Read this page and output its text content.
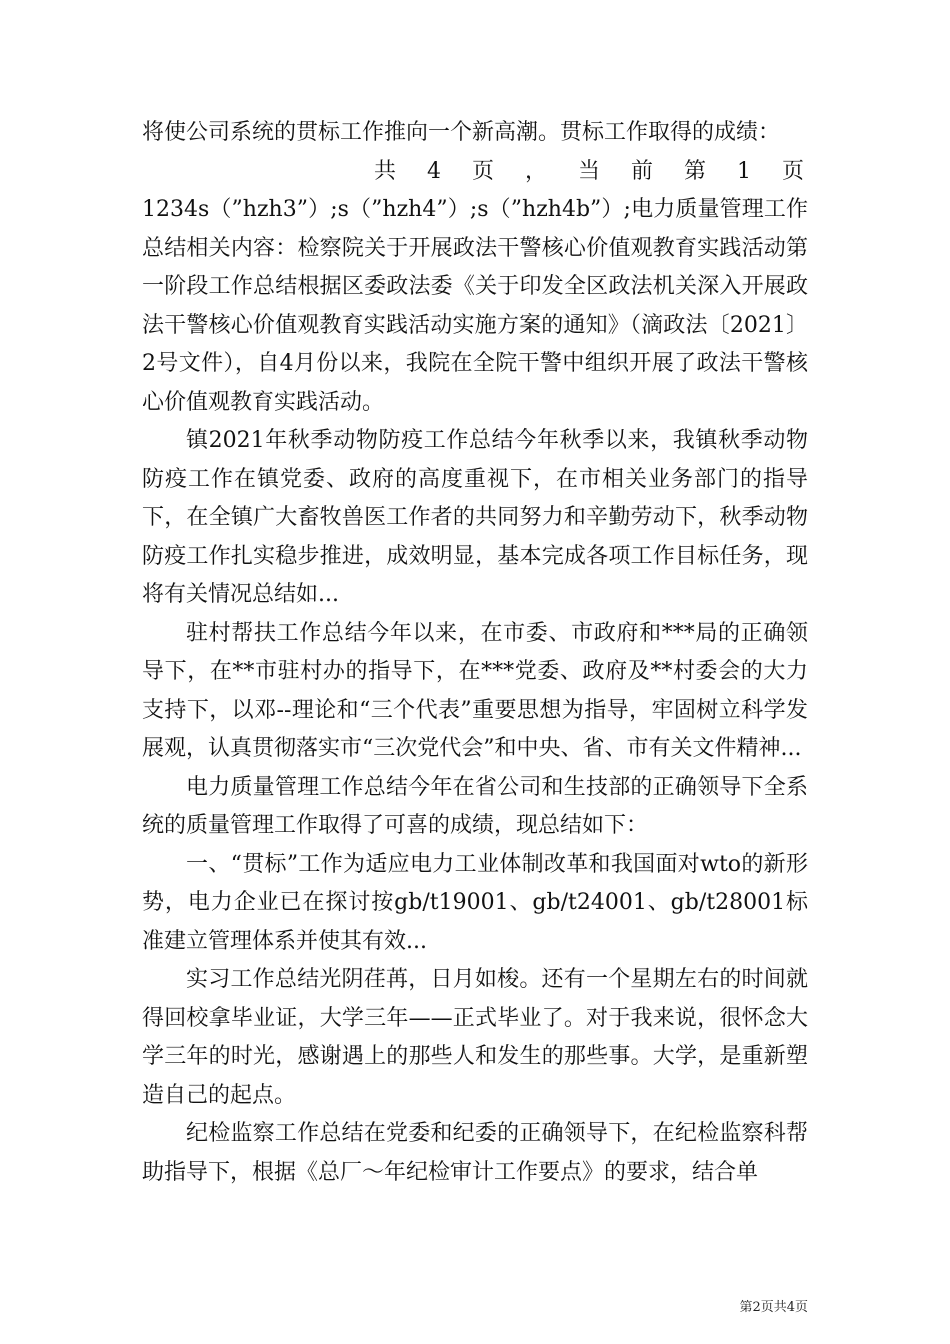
将使公司系统的贯标工作推向一个新高潮。贯标工作取得的成绩：

共4页，当前第1页

1234s（”hzh3”）;s（”hzh4”）;s（”hzh4b”）;电力质量管理工作总结相关内容：检察院关于开展政法干警核心价值观教育实践活动第一阶段工作总结根据区委政法委《关于印发全区政法机关深入开展政法干警核心价值观教育实践活动实施方案的通知》（滴政法〔2021〕2号文件），自4月份以来，我院在全院干警中组织开展了政法干警核心价值观教育实践活动。

镇2021年秋季动物防疫工作总结今年秋季以来，我镇秋季动物防疫工作在镇党委、政府的高度重视下，在市相关业务部门的指导下，在全镇广大畜牧兽医工作者的共同努力和辛勤劳动下，秋季动物防疫工作扎实稳步推进，成效明显，基本完成各项工作目标任务，现将有关情况总结如...

驻村帮扶工作总结今年以来，在市委、市政府和***局的正确领导下，在**市驻村办的指导下，在***党委、政府及**村委会的大力支持下，以邓--理论和“三个代表”重要思想为指导，牢固树立科学发展观，认真贯彻落实市“三次党代会”和中央、省、市有关文件精神...

电力质量管理工作总结今年在省公司和生技部的正确领导下全系统的质量管理工作取得了可喜的成绩，现总结如下：

一、“贯标”工作为适应电力工业体制改革和我国面对wto的新形势，电力企业已在探讨按gb/t19001、gb/t24001、gb/t28001标准建立管理体系并使其有效...

实习工作总结光阴荏苒，日月如梭。还有一个星期左右的时间就得回校拿毕业证，大学三年——正式毕业了。对于我来说，很怀念大学三年的时光，感谢遇上的那些人和发生的那些事。大学，是重新塑造自己的起点。

纪检监察工作总结在党委和纪委的正确领导下，在纪检监察科帮助指导下，根据《总厂～年纪检审计工作要点》的要求，结合单

第2页共4页
